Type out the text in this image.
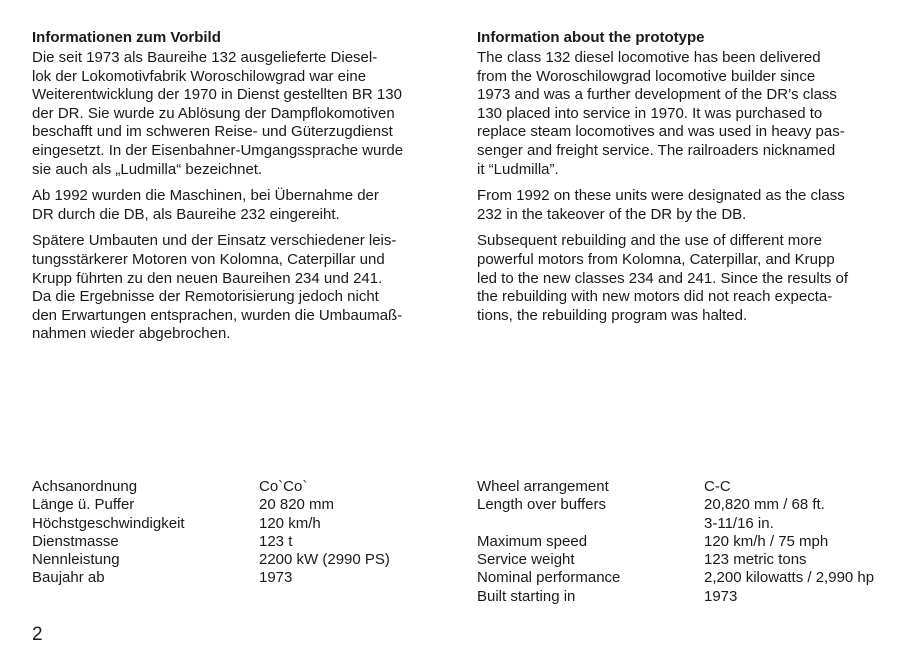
Informationen zum Vorbild
Die seit 1973 als Baureihe 132 ausgelieferte Diesel-
lok der Lokomotivfabrik Woroschilowgrad war eine
Weiterentwicklung der 1970 in Dienst gestellten BR 130
der DR. Sie wurde zu Ablösung der Dampflokomotiven
beschafft und im schweren Reise- und Güterzugdienst
eingesetzt. In der Eisenbahner-Umgangssprache wurde
sie auch als „Ludmilla“ bezeichnet.
Ab 1992 wurden die Maschinen, bei Übernahme der
DR durch die DB, als Baureihe 232 eingereiht.
Spätere Umbauten und der Einsatz verschiedener leis-
tungsstärkerer Motoren von Kolomna, Caterpillar und
Krupp führten zu den neuen Baureihen 234 und 241.
Da die Ergebnisse der Remotorisierung jedoch nicht
den Erwartungen entsprachen, wurden die Umbaumaß-
nahmen wieder abgebrochen.
Information about the prototype
The class 132 diesel locomotive has been delivered
from the Woroschilowgrad locomotive builder since
1973 and was a further development of the DR’s class
130 placed into service in 1970. It was purchased to
replace steam locomotives and was used in heavy pas-
senger and freight service. The railroaders nicknamed
it “Ludmilla”.
From 1992 on these units were designated as the class
232 in the takeover of the DR by the DB.
Subsequent rebuilding and the use of different more
powerful motors from Kolomna, Caterpillar, and Krupp
led to the new classes 234 and 241. Since the results of
the rebuilding with new motors did not reach expecta-
tions, the rebuilding program was halted.
Achsanordnung	Co`Co`
Länge ü. Puffer	20 820 mm
Höchstgeschwindigkeit	120 km/h
Dienstmasse	123 t
Nennleistung	2200 kW (2990 PS)
Baujahr ab	1973
Wheel arrangement	C-C
Length over buffers	20,820 mm / 68 ft.
3-11/16 in.
Maximum speed	120 km/h / 75 mph
Service weight	123 metric tons
Nominal performance	2,200 kilowatts / 2,990 hp
Built starting in	1973
2
